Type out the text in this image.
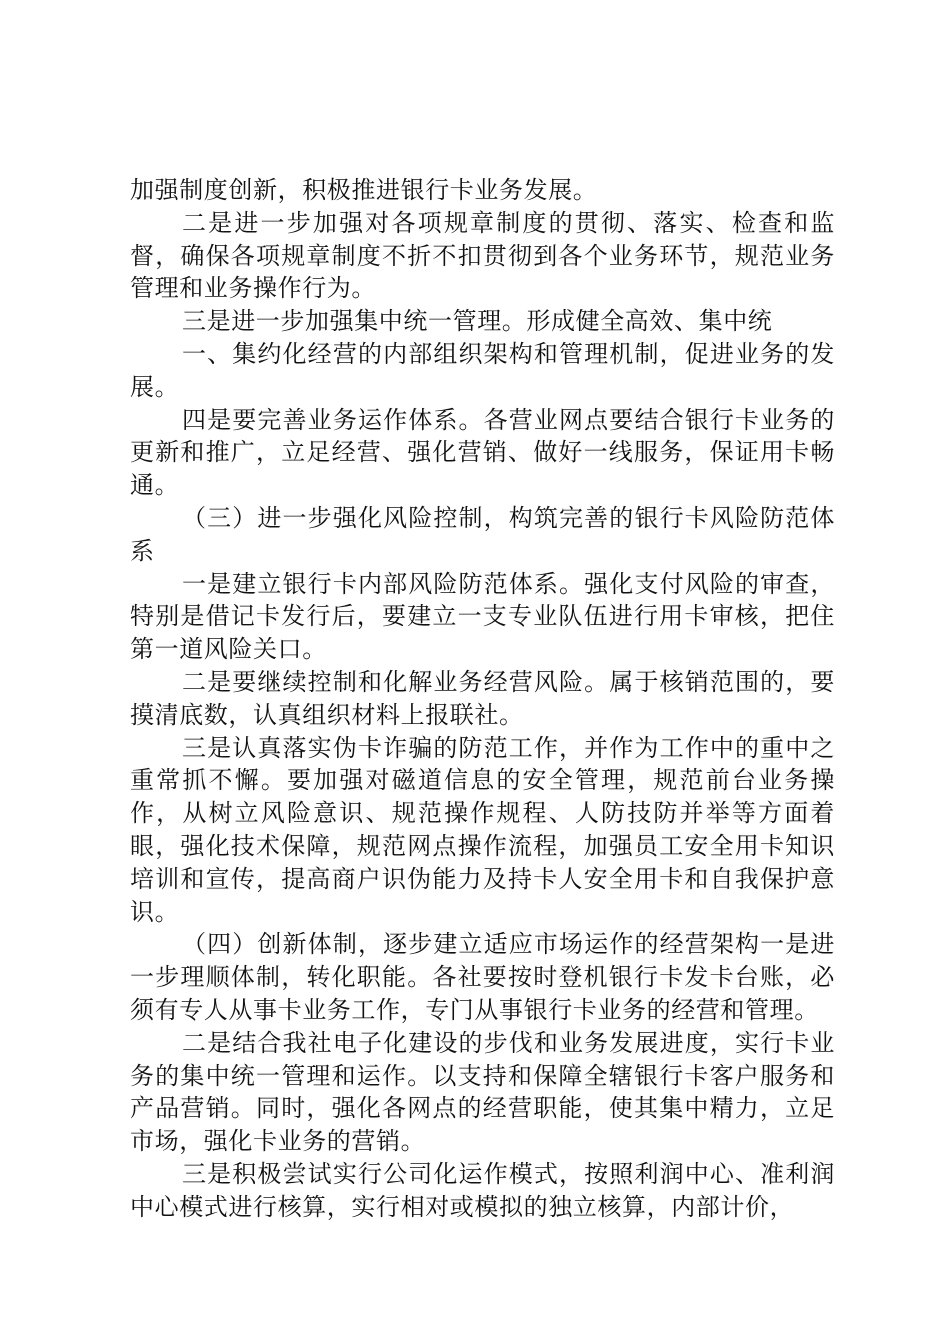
加强制度创新，积极推进银行卡业务发展。

二是进一步加强对各项规章制度的贯彻、落实、检查和监督，确保各项规章制度不折不扣贯彻到各个业务环节，规范业务管理和业务操作行为。

三是进一步加强集中统一管理。形成健全高效、集中统

一、集约化经营的内部组织架构和管理机制，促进业务的发展。

四是要完善业务运作体系。各营业网点要结合银行卡业务的更新和推广，立足经营、强化营销、做好一线服务，保证用卡畅通。

（三）进一步强化风险控制，构筑完善的银行卡风险防范体系

一是建立银行卡内部风险防范体系。强化支付风险的审查，特别是借记卡发行后，要建立一支专业队伍进行用卡审核，把住第一道风险关口。

二是要继续控制和化解业务经营风险。属于核销范围的，要摸清底数，认真组织材料上报联社。

三是认真落实伪卡诈骗的防范工作，并作为工作中的重中之重常抓不懈。要加强对磁道信息的安全管理，规范前台业务操作，从树立风险意识、规范操作规程、人防技防并举等方面着眼，强化技术保障，规范网点操作流程，加强员工安全用卡知识培训和宣传，提高商户识伪能力及持卡人安全用卡和自我保护意识。

（四）创新体制，逐步建立适应市场运作的经营架构一是进一步理顺体制，转化职能。各社要按时登机银行卡发卡台账，必须有专人从事卡业务工作，专门从事银行卡业务的经营和管理。

二是结合我社电子化建设的步伐和业务发展进度，实行卡业务的集中统一管理和运作。以支持和保障全辖银行卡客户服务和产品营销。同时，强化各网点的经营职能，使其集中精力，立足市场，强化卡业务的营销。

三是积极尝试实行公司化运作模式，按照利润中心、准利润中心模式进行核算，实行相对或模拟的独立核算，内部计价，
